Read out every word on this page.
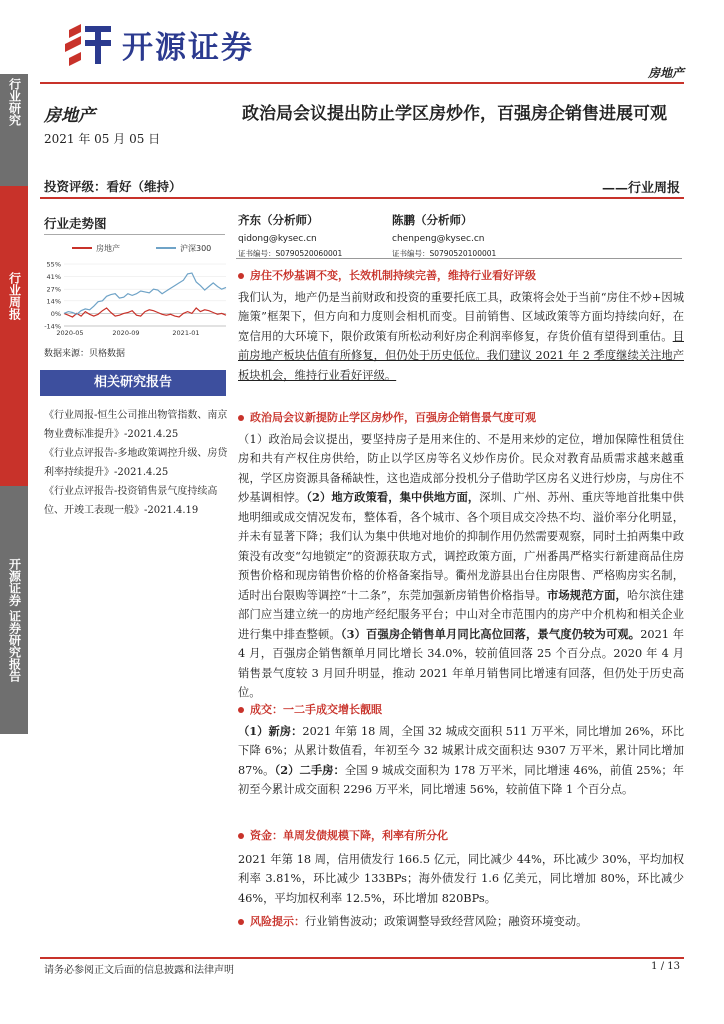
开源证券
房地产
行业研究
行业周报
开源证券 证券研究报告
房地产
2021 年 05 月 05 日
投资评级：看好（维持）
行业走势图
房地产	沪深300
55%
41%
27%
14%
0%
-14%
2020-05	2020-09	2021-01
数据来源：贝格数据
相关研究报告
《行业周报-恒生公司推出物管指数、南京物业费标准提升》-2021.4.25
《行业点评报告-多地政策调控升级、房贷利率持续提升》-2021.4.25
《行业点评报告-投资销售景气度持续高位、开竣工表现一般》-2021.4.19
政治局会议提出防止学区房炒作，百强房企销售进展可观
——行业周报
齐东（分析师）
qidong@kysec.cn
证书编号：S0790520060001
陈鹏（分析师）
chenpeng@kysec.cn
证书编号：S0790520100001
房住不炒基调不变，长效机制持续完善，维持行业看好评级
我们认为，地产仍是当前财政和投资的重要托底工具，政策将会处于当前“房住不炒+因城施策”框架下，但方向和力度则会相机而变。目前销售、区域政策等方面均持续向好，在宽信用的大环境下，限价政策有所松动利好房企利润率修复，存货价值有望得到重估。目前房地产板块估值有所修复，但仍处于历史低位。我们建议 2021 年 2 季度继续关注地产板块机会，维持行业看好评级。
政治局会议新提防止学区房炒作，百强房企销售景气度可观
（1）政治局会议提出，要坚持房子是用来住的、不是用来炒的定位，增加保障性租赁住房和共有产权住房供给，防止以学区房等名义炒作房价。民众对教育品质需求越来越重视，学区房资源具备稀缺性，这也造成部分投机分子借助学区房名义进行炒房，与房住不炒基调相悖。（2）地方政策看，集中供地方面，深圳、广州、苏州、重庆等地首批集中供地明细或成交情况发布，整体看，各个城市、各个项目成交冷热不均、溢价率分化明显，并未有显著下降；我们认为集中供地对地价的抑制作用仍然需要观察，同时土拍两集中政策没有改变“勾地锁定”的资源获取方式，调控政策方面，广州番禺严格实行新建商品住房预售价格和现房销售价格的价格备案指导。衢州龙游县出台住房限售、严格购房实名制，适时出台限购等调控“十二条”，东莞加强新房销售价格指导。市场规范方面，哈尔滨住建部门应当建立统一的房地产经纪服务平台；中山对全市范围内的房产中介机构和相关企业进行集中排查整顿。（3）百强房企销售单月同比高位回落，景气度仍较为可观。2021 年 4 月，百强房企销售额单月同比增长 34.0%，较前值回落 25 个百分点。2020 年 4 月销售景气度较 3 月回升明显，推动 2021 年单月销售同比增速有回落，但仍处于历史高位。
成交：一二手成交增长靓眼
（1）新房：2021 年第 18 周，全国 32 城成交面积 511 万平米，同比增加 26%，环比下降 6%；从累计数值看，年初至今 32 城累计成交面积达 9307 万平米，累计同比增加 87%。（2）二手房：全国 9 城成交面积为 178 万平米，同比增速 46%，前值 25%；年初至今累计成交面积 2296 万平米，同比增速 56%，较前值下降 1 个百分点。
资金：单周发债规模下降，利率有所分化
2021 年第 18 周，信用债发行 166.5 亿元，同比减少 44%，环比减少 30%，平均加权利率 3.81%，环比减少 133BPs；海外债发行 1.6 亿美元，同比增加 80%，环比减少 46%，平均加权利率 12.5%，环比增加 820BPs。
风险提示：行业销售波动；政策调整导致经营风险；融资环境变动。
请务必参阅正文后面的信息披露和法律声明	1 / 13
